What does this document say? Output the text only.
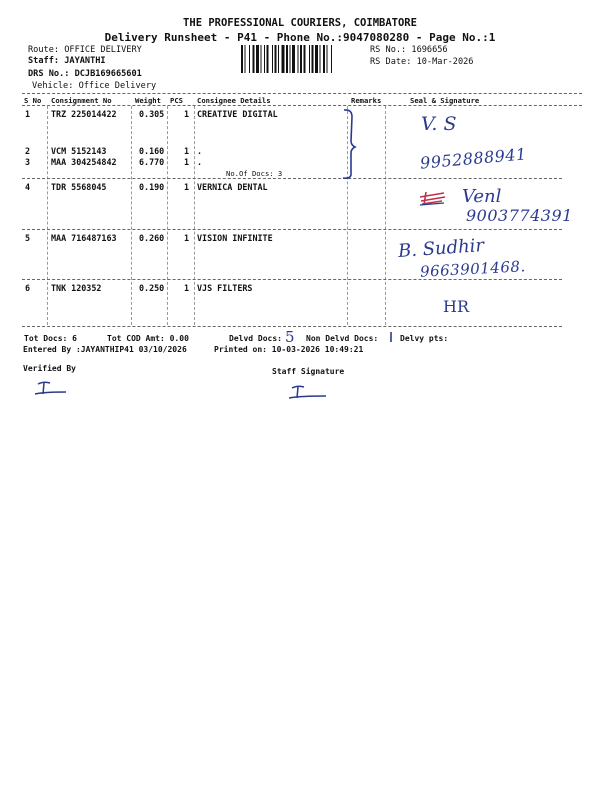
THE PROFESSIONAL COURIERS, COIMBATORE
Delivery Runsheet - P41 - Phone No.:9047080280 - Page No.:1
Route: OFFICE DELIVERY
Staff: JAYANTHI
DRS No.: DCJB169665601
Vehicle: Office Delivery
RS No.: 1696656
RS Date: 10-Mar-2026
S No Consignment No	Weight PCS Consignee Details	Remarks	Seal & Signature
1 TRZ 225014422	0.305 1 CREATIVE DIGITAL
2 VCM 5152143	0.160 1 .
3 MAA 304254842	6.770 1 .
No.Of Docs: 3
4 TDR 5568045	0.190 1 VERNICA DENTAL
5 MAA 716487163	0.260 1 VISION INFINITE
6 TNK 120352	0.250 1 VJS FILTERS
V. S
9952888941
Venl
9003774391
B. Sudhir
9663901468.
HR
Tot Docs: 6	Tot COD Amt: 0.00	Delvd Docs: 5 Non Delvd Docs:	Delvy pts:
Entered By :JAYANTHIP41 03/10/2026	Printed on: 10-03-2026 10:49:21
Verified By	Staff Signature
